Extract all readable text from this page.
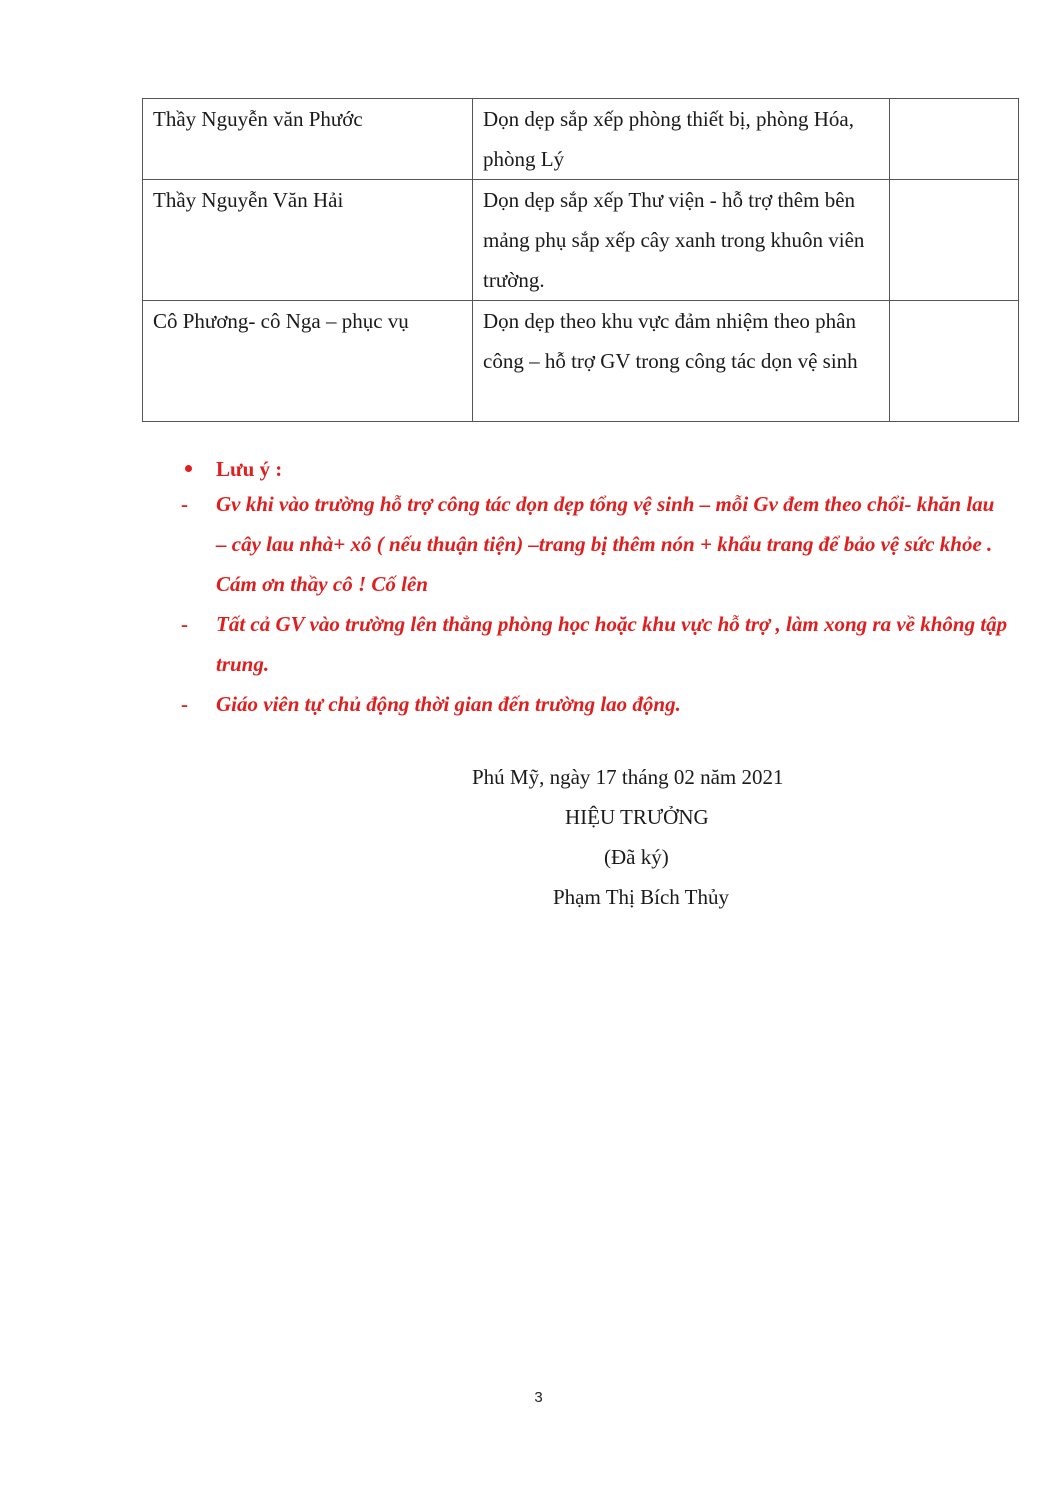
Thầy Nguyễn văn Phước	Dọn dẹp sắp xếp phòng thiết bị, phòng Hóa, phòng Lý	

Thầy Nguyễn Văn Hải	Dọn dẹp sắp xếp Thư viện - hỗ trợ thêm bên mảng phụ sắp xếp cây xanh trong khuôn viên trường.	

Cô Phương- cô Nga – phục vụ	Dọn dẹp theo khu vực đảm nhiệm theo phân công – hỗ trợ GV trong công tác dọn vệ sinh	

Lưu ý :
- Gv khi vào trường hỗ trợ công tác dọn dẹp tổng vệ sinh – mỗi Gv đem theo chổi- khăn lau – cây lau nhà+ xô ( nếu thuận tiện) –trang bị thêm nón + khẩu trang để bảo vệ sức khỏe . Cám ơn thầy cô ! Cố lên
- Tất cả GV vào trường lên thẳng phòng học hoặc khu vực hỗ trợ , làm xong ra về không tập trung.
- Giáo viên tự chủ động thời gian đến trường lao động.
Phú Mỹ, ngày 17 tháng 02 năm 2021
HIỆU TRƯỞNG
(Đã ký)
Phạm Thị Bích Thủy
3
